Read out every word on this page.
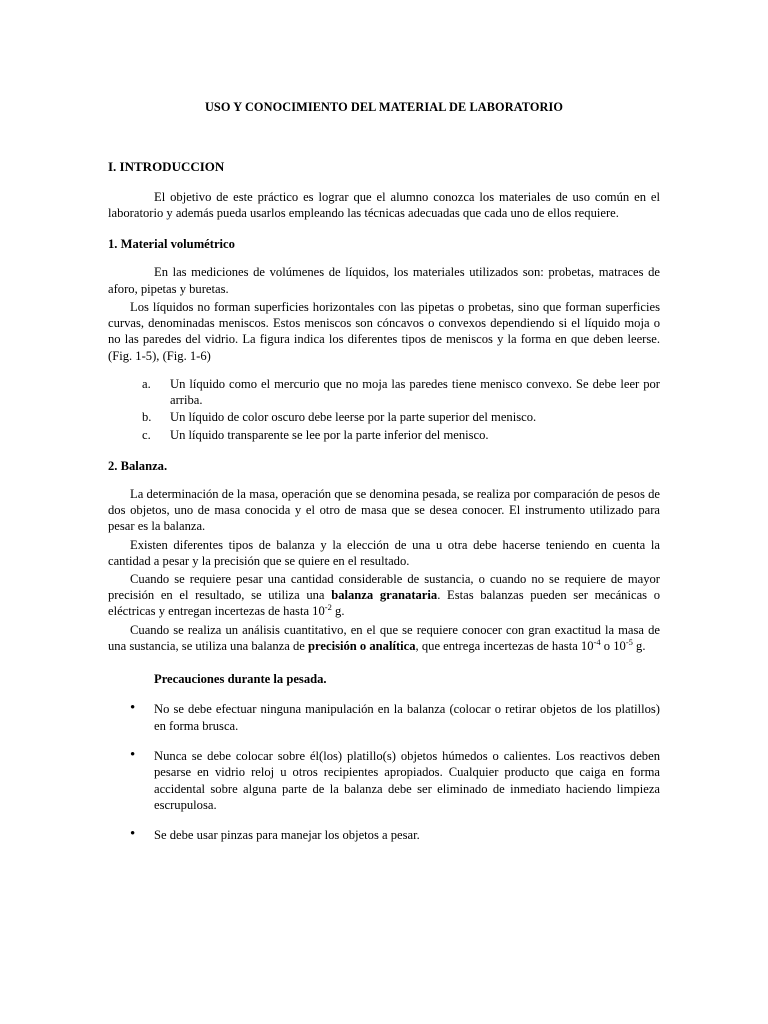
USO Y CONOCIMIENTO DEL MATERIAL DE LABORATORIO
I. INTRODUCCION

El objetivo de este práctico es lograr que el alumno conozca los materiales de uso común en el laboratorio y además pueda usarlos empleando las técnicas adecuadas que cada uno de ellos requiere.

1. Material volumétrico

En las mediciones de volúmenes de líquidos, los materiales utilizados son: probetas, matraces de aforo, pipetas y buretas.

Los líquidos no forman superficies horizontales con las pipetas o probetas, sino que forman superficies curvas, denominadas meniscos. Estos meniscos son cóncavos o convexos dependiendo si el líquido moja o no las paredes del vidrio. La figura indica los diferentes tipos de meniscos y la forma en que deben leerse. (Fig. 1-5), (Fig. 1-6)

a. Un líquido como el mercurio que no moja las paredes tiene menisco convexo. Se debe leer por arriba.
b. Un líquido de color oscuro debe leerse por la parte superior del menisco.
c. Un líquido transparente se lee por la parte inferior del menisco.
2. Balanza.

La determinación de la masa, operación que se denomina pesada, se realiza por comparación de pesos de dos objetos, uno de masa conocida y el otro de masa que se desea conocer. El instrumento utilizado para pesar es la balanza.

Existen diferentes tipos de balanza y la elección de una u otra debe hacerse teniendo en cuenta la cantidad a pesar y la precisión que se quiere en el resultado.

Cuando se requiere pesar una cantidad considerable de sustancia, o cuando no se requiere de mayor precisión en el resultado, se utiliza una balanza granataria. Estas balanzas pueden ser mecánicas o eléctricas y entregan incertezas de hasta $10^{-2}$ g.

Cuando se realiza un análisis cuantitativo, en el que se requiere conocer con gran exactitud la masa de una sustancia, se utiliza una balanza de precisión o analítica, que entrega incertezas de hasta $10^{-4}$ o $10^{-5}$ g.

Precauciones durante la pesada.
• No se debe efectuar ninguna manipulación en la balanza (colocar o retirar objetos de los platillos) en forma brusca.
• Nunca se debe colocar sobre él(los) platillo(s) objetos húmedos o calientes. Los reactivos deben pesarse en vidrio reloj u otros recipientes apropiados. Cualquier producto que caiga en forma accidental sobre alguna parte de la balanza debe ser eliminado de inmediato haciendo limpieza escrupulosa.
• Se debe usar pinzas para manejar los objetos a pesar.
